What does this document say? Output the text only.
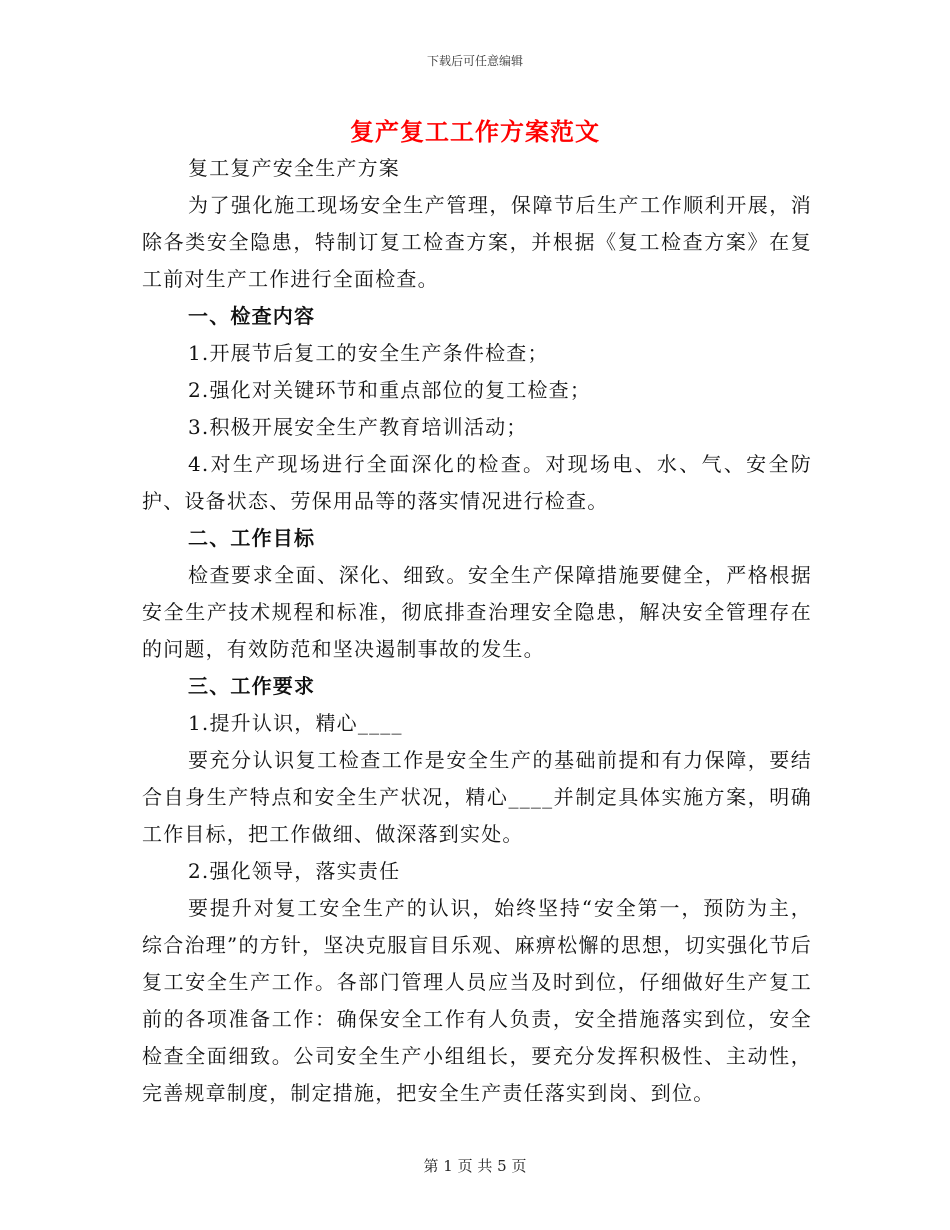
下载后可任意编辑
复产复工工作方案范文

复工复产安全生产方案

为了强化施工现场安全生产管理，保障节后生产工作顺利开展，消除各类安全隐患，特制订复工检查方案，并根据《复工检查方案》在复工前对生产工作进行全面检查。

一、检查内容

1.开展节后复工的安全生产条件检查；

2.强化对关键环节和重点部位的复工检查；

3.积极开展安全生产教育培训活动；

4.对生产现场进行全面深化的检查。对现场电、水、气、安全防护、设备状态、劳保用品等的落实情况进行检查。

二、工作目标

检查要求全面、深化、细致。安全生产保障措施要健全，严格根据安全生产技术规程和标准，彻底排查治理安全隐患，解决安全管理存在的问题，有效防范和坚决遏制事故的发生。

三、工作要求

1.提升认识，精心____

要充分认识复工检查工作是安全生产的基础前提和有力保障，要结合自身生产特点和安全生产状况，精心____并制定具体实施方案，明确工作目标，把工作做细、做深落到实处。

2.强化领导，落实责任

要提升对复工安全生产的认识，始终坚持“安全第一，预防为主，综合治理”的方针，坚决克服盲目乐观、麻痹松懈的思想，切实强化节后复工安全生产工作。各部门管理人员应当及时到位，仔细做好生产复工前的各项准备工作：确保安全工作有人负责，安全措施落实到位，安全检查全面细致。公司安全生产小组组长，要充分发挥积极性、主动性，完善规章制度，制定措施，把安全生产责任落实到岗、到位。

第 1 页 共 5 页
